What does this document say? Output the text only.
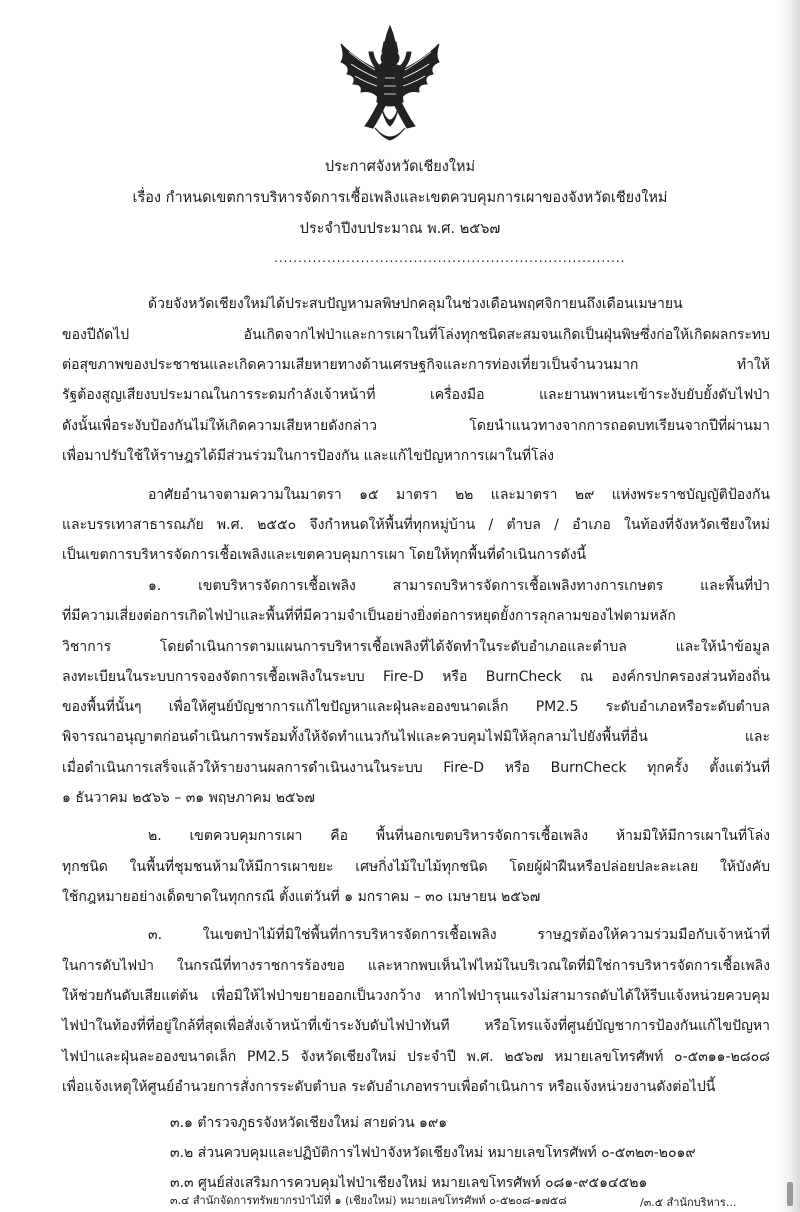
ประกาศจังหวัดเชียงใหม่
เรื่อง กำหนดเขตการบริหารจัดการเชื้อเพลิงและเขตควบคุมการเผาของจังหวัดเชียงใหม่
ประจำปีงบประมาณ พ.ศ. ๒๕๖๗
.........................................................................
ด้วยจังหวัดเชียงใหม่ได้ประสบปัญหามลพิษปกคลุมในช่วงเดือนพฤศจิกายนถึงเดือนเมษายน
ของปีถัดไป อันเกิดจากไฟป่าและการเผาในที่โล่งทุกชนิดสะสมจนเกิดเป็นฝุ่นพิษซึ่งก่อให้เกิดผลกระทบ
ต่อสุขภาพของประชาชนและเกิดความเสียหายทางด้านเศรษฐกิจและการท่องเที่ยวเป็นจำนวนมาก ทำให้
รัฐต้องสูญเสียงบประมาณในการระดมกำลังเจ้าหน้าที่ เครื่องมือ และยานพาหนะเข้าระงับยับยั้งดับไฟป่า
ดังนั้นเพื่อระงับป้องกันไม่ให้เกิดความเสียหายดังกล่าว โดยนำแนวทางจากการถอดบทเรียนจากปีที่ผ่านมา
เพื่อมาปรับใช้ให้ราษฎรได้มีส่วนร่วมในการป้องกัน และแก้ไขปัญหาการเผาในที่โล่ง
อาศัยอำนาจตามความในมาตรา ๑๕ มาตรา ๒๒ และมาตรา ๒๙ แห่งพระราชบัญญัติป้องกัน
และบรรเทาสาธารณภัย พ.ศ. ๒๕๕๐ จึงกำหนดให้พื้นที่ทุกหมู่บ้าน / ตำบล / อำเภอ ในท้องที่จังหวัดเชียงใหม่
เป็นเขตการบริหารจัดการเชื้อเพลิงและเขตควบคุมการเผา โดยให้ทุกพื้นที่ดำเนินการดังนี้
๑. เขตบริหารจัดการเชื้อเพลิง สามารถบริหารจัดการเชื้อเพลิงทางการเกษตร และพื้นที่ป่า
ที่มีความเสี่ยงต่อการเกิดไฟป่าและพื้นที่ที่มีความจำเป็นอย่างยิ่งต่อการหยุดยั้งการลุกลามของไฟตามหลัก
วิชาการ โดยดำเนินการตามแผนการบริหารเชื้อเพลิงที่ได้จัดทำในระดับอำเภอและตำบล และให้นำข้อมูล
ลงทะเบียนในระบบการจองจัดการเชื้อเพลิงในระบบ Fire-D หรือ BurnCheck ณ องค์กรปกครองส่วนท้องถิ่น
ของพื้นที่นั้นๆ เพื่อให้ศูนย์บัญชาการแก้ไขปัญหาและฝุ่นละอองขนาดเล็ก PM2.5 ระดับอำเภอหรือระดับตำบล
พิจารณาอนุญาตก่อนดำเนินการพร้อมทั้งให้จัดทำแนวกันไฟและควบคุมไฟมิให้ลุกลามไปยังพื้นที่อื่น และ
เมื่อดำเนินการเสร็จแล้วให้รายงานผลการดำเนินงานในระบบ Fire-D หรือ BurnCheck ทุกครั้ง ตั้งแต่วันที่
๑ ธันวาคม ๒๕๖๖ – ๓๑ พฤษภาคม ๒๕๖๗
๒. เขตควบคุมการเผา คือ พื้นที่นอกเขตบริหารจัดการเชื้อเพลิง ห้ามมิให้มีการเผาในที่โล่ง
ทุกชนิด ในพื้นที่ชุมชนห้ามให้มีการเผาขยะ เศษกิ่งไม้ใบไม้ทุกชนิด โดยผู้ฝ่าฝืนหรือปล่อยปละละเลย ให้บังคับ
ใช้กฎหมายอย่างเด็ดขาดในทุกกรณี ตั้งแต่วันที่ ๑ มกราคม – ๓๐ เมษายน ๒๕๖๗
๓. ในเขตป่าไม้ที่มิใช่พื้นที่การบริหารจัดการเชื้อเพลิง ราษฎรต้องให้ความร่วมมือกับเจ้าหน้าที่
ในการดับไฟป่า ในกรณีที่ทางราชการร้องขอ และหากพบเห็นไฟไหม้ในบริเวณใดที่มิใช่การบริหารจัดการเชื้อเพลิง
ให้ช่วยกันดับเสียแต่ต้น เพื่อมิให้ไฟป่าขยายออกเป็นวงกว้าง หากไฟป่ารุนแรงไม่สามารถดับได้ให้รีบแจ้งหน่วยควบคุม
ไฟป่าในท้องที่ที่อยู่ใกล้ที่สุดเพื่อสั่งเจ้าหน้าที่เข้าระงับดับไฟป่าทันที หรือโทรแจ้งที่ศูนย์บัญชาการป้องกันแก้ไขปัญหา
ไฟป่าและฝุ่นละอองขนาดเล็ก PM2.5 จังหวัดเชียงใหม่ ประจำปี พ.ศ. ๒๕๖๗ หมายเลขโทรศัพท์ ๐-๕๓๑๑-๒๘๐๘
เพื่อแจ้งเหตุให้ศูนย์อำนวยการสั่งการระดับตำบล ระดับอำเภอทราบเพื่อดำเนินการ หรือแจ้งหน่วยงานดังต่อไปนี้
๓.๑ ตำรวจภูธรจังหวัดเชียงใหม่ สายด่วน ๑๙๑
๓.๒ ส่วนควบคุมและปฏิบัติการไฟป่าจังหวัดเชียงใหม่ หมายเลขโทรศัพท์ ๐-๕๓๒๓-๒๐๑๙
๓.๓ ศูนย์ส่งเสริมการควบคุมไฟป่าเชียงใหม่ หมายเลขโทรศัพท์ ๐๘๑-๙๕๑๔๕๒๑
๓.๔ สำนักจัดการทรัพยากรป่าไม้ที่ ๑ (เชียงใหม่) หมายเลขโทรศัพท์ ๐-๕๒๐๘-๑๗๕๘	/๓.๕ สำนักบริหาร...
